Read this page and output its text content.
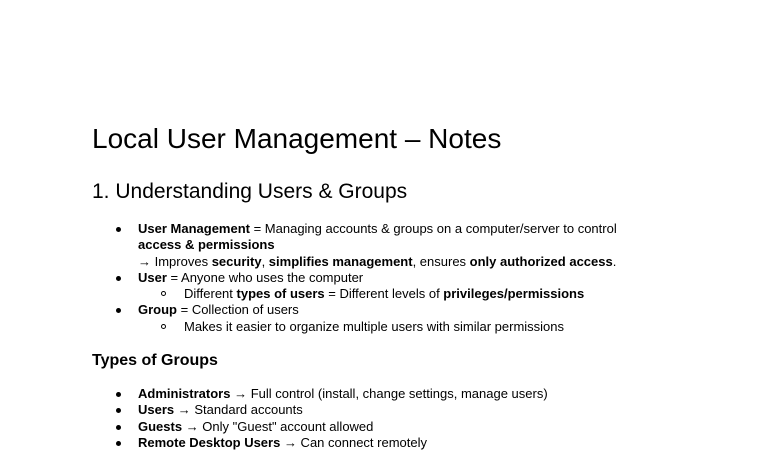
Local User Management – Notes
1. Understanding Users & Groups
User Management = Managing accounts & groups on a computer/server to control
access & permissions
→ Improves security, simplifies management, ensures only authorized access.
User = Anyone who uses the computer
Different types of users = Different levels of privileges/permissions
Group = Collection of users
Makes it easier to organize multiple users with similar permissions
Types of Groups
Administrators → Full control (install, change settings, manage users)
Users → Standard accounts
Guests → Only "Guest" account allowed
Remote Desktop Users → Can connect remotely
